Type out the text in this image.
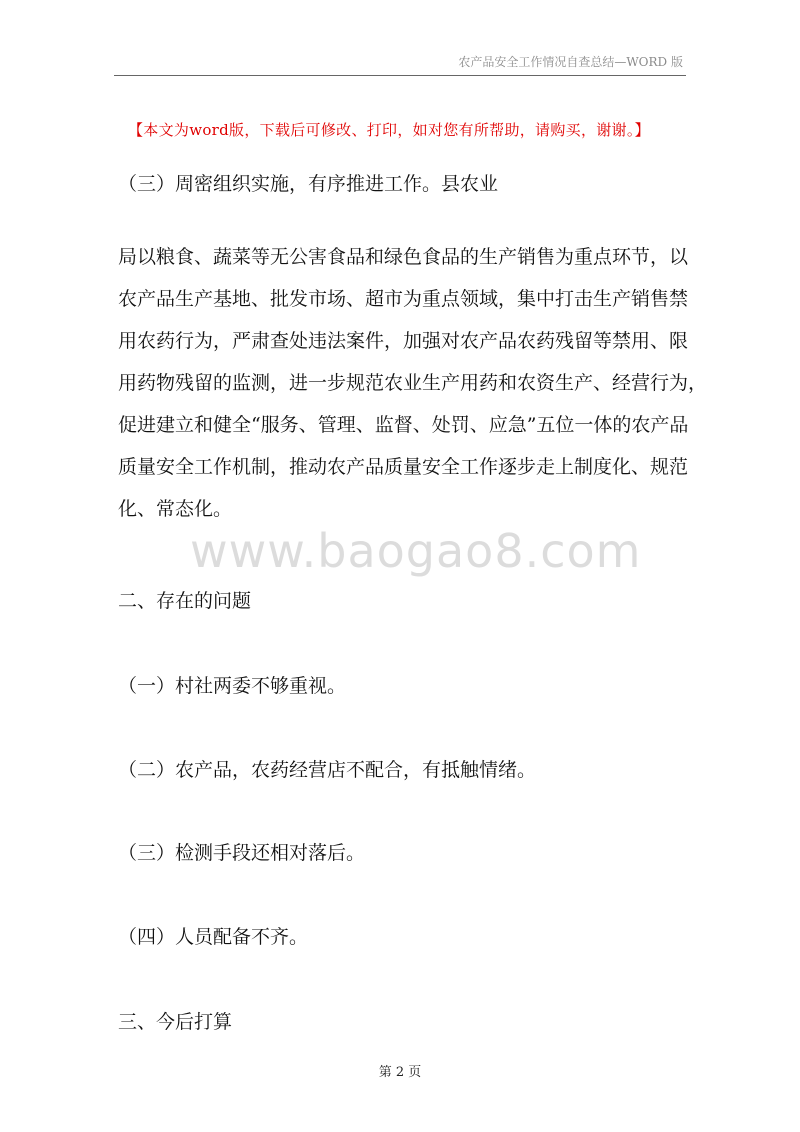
农产品安全工作情况自查总结—WORD 版
【本文为word版，下载后可修改、打印，如对您有所帮助，请购买，谢谢。】
（三）周密组织实施，有序推进工作。县农业
局以粮食、蔬菜等无公害食品和绿色食品的生产销售为重点环节，以
农产品生产基地、批发市场、超市为重点领域，集中打击生产销售禁
用农药行为，严肃查处违法案件，加强对农产品农药残留等禁用、限
用药物残留的监测，进一步规范农业生产用药和农资生产、经营行为，
促进建立和健全“服务、管理、监督、处罚、应急”五位一体的农产品
质量安全工作机制，推动农产品质量安全工作逐步走上制度化、规范
化、常态化。
www.baogao8.com
二、存在的问题
（一）村社两委不够重视。
（二）农产品，农药经营店不配合，有抵触情绪。
（三）检测手段还相对落后。
（四）人员配备不齐。
三、今后打算
第 2 页
